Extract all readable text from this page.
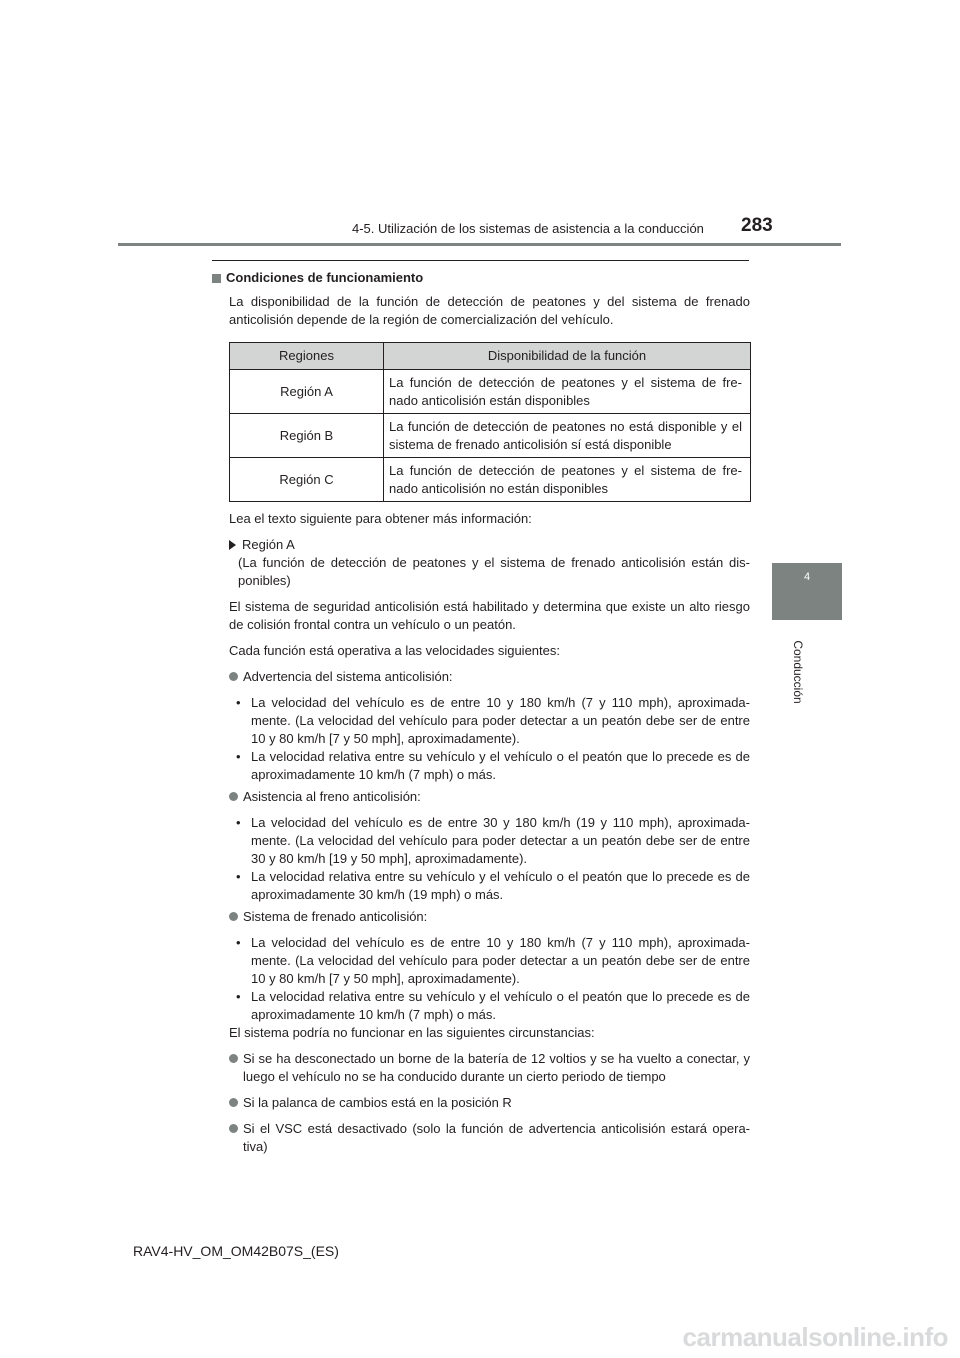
4-5. Utilización de los sistemas de asistencia a la conducción 283
4
Conducción
Condiciones de funcionamiento

La disponibilidad de la función de detección de peatones y del sistema de frenado anticolisión depende de la región de comercialización del vehículo.

Regiones	Disponibilidad de la función
Región A	La función de detección de peatones y el sistema de fre-nado anticolisión están disponibles
Región B	La función de detección de peatones no está disponible y el sistema de frenado anticolisión sí está disponible
Región C	La función de detección de peatones y el sistema de fre-nado anticolisión no están disponibles

Lea el texto siguiente para obtener más información:

Región A

(La función de detección de peatones y el sistema de frenado anticolisión están dis-ponibles)

El sistema de seguridad anticolisión está habilitado y determina que existe un alto riesgo de colisión frontal contra un vehículo o un peatón.

Cada función está operativa a las velocidades siguientes:

Advertencia del sistema anticolisión:
• La velocidad del vehículo es de entre 10 y 180 km/h (7 y 110 mph), aproximada-mente. (La velocidad del vehículo para poder detectar a un peatón debe ser de entre 10 y 80 km/h [7 y 50 mph], aproximadamente).
• La velocidad relativa entre su vehículo y el vehículo o el peatón que lo precede es de aproximadamente 10 km/h (7 mph) o más.
Asistencia al freno anticolisión:
• La velocidad del vehículo es de entre 30 y 180 km/h (19 y 110 mph), aproximada-mente. (La velocidad del vehículo para poder detectar a un peatón debe ser de entre 30 y 80 km/h [19 y 50 mph], aproximadamente).
• La velocidad relativa entre su vehículo y el vehículo o el peatón que lo precede es de aproximadamente 30 km/h (19 mph) o más.
Sistema de frenado anticolisión:
• La velocidad del vehículo es de entre 10 y 180 km/h (7 y 110 mph), aproximada-mente. (La velocidad del vehículo para poder detectar a un peatón debe ser de entre 10 y 80 km/h [7 y 50 mph], aproximadamente).
• La velocidad relativa entre su vehículo y el vehículo o el peatón que lo precede es de aproximadamente 10 km/h (7 mph) o más.

El sistema podría no funcionar en las siguientes circunstancias:

Si se ha desconectado un borne de la batería de 12 voltios y se ha vuelto a conectar, y luego el vehículo no se ha conducido durante un cierto periodo de tiempo
Si la palanca de cambios está en la posición R
Si el VSC está desactivado (solo la función de advertencia anticolisión estará opera-tiva)
RAV4-HV_OM_OM42B07S_(ES)
carmanualsonline.info
